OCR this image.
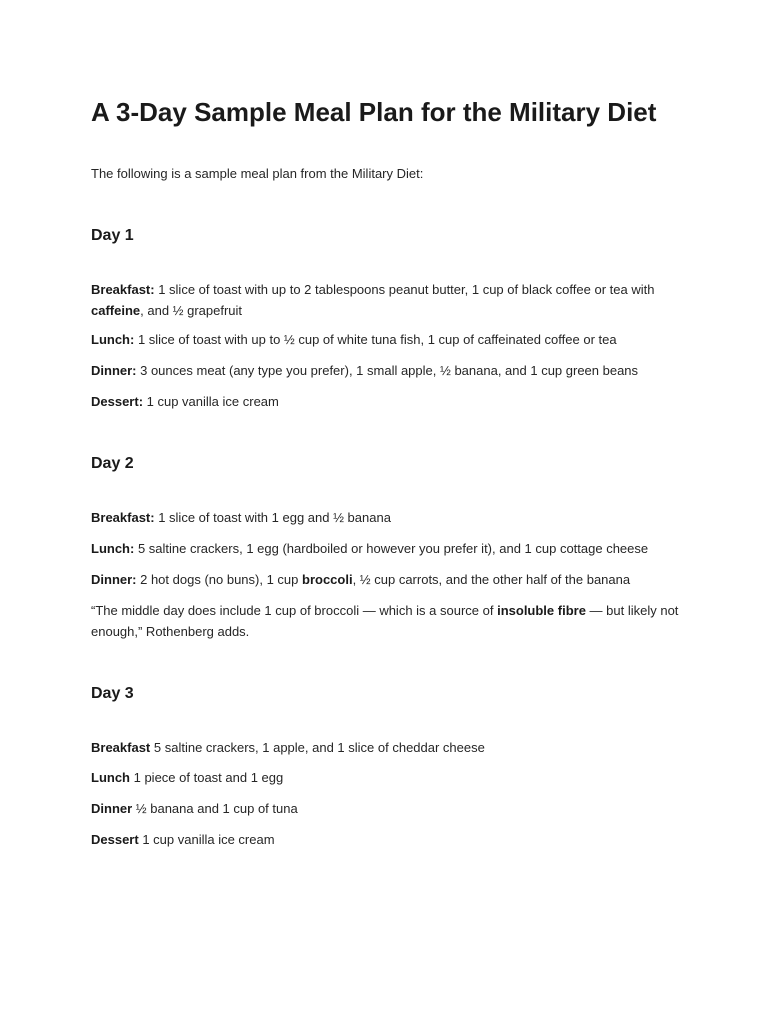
A 3-Day Sample Meal Plan for the Military Diet

The following is a sample meal plan from the Military Diet:

Day 1

Breakfast: 1 slice of toast with up to 2 tablespoons peanut butter, 1 cup of black coffee or tea with caffeine, and ½ grapefruit

Lunch: 1 slice of toast with up to ½ cup of white tuna fish, 1 cup of caffeinated coffee or tea

Dinner: 3 ounces meat (any type you prefer), 1 small apple, ½ banana, and 1 cup green beans

Dessert: 1 cup vanilla ice cream

Day 2

Breakfast: 1 slice of toast with 1 egg and ½ banana

Lunch: 5 saltine crackers, 1 egg (hardboiled or however you prefer it), and 1 cup cottage cheese

Dinner: 2 hot dogs (no buns), 1 cup broccoli, ½ cup carrots, and the other half of the banana

“The middle day does include 1 cup of broccoli — which is a source of insoluble fibre — but likely not enough,” Rothenberg adds.

Day 3

Breakfast 5 saltine crackers, 1 apple, and 1 slice of cheddar cheese

Lunch 1 piece of toast and 1 egg

Dinner ½ banana and 1 cup of tuna

Dessert 1 cup vanilla ice cream
